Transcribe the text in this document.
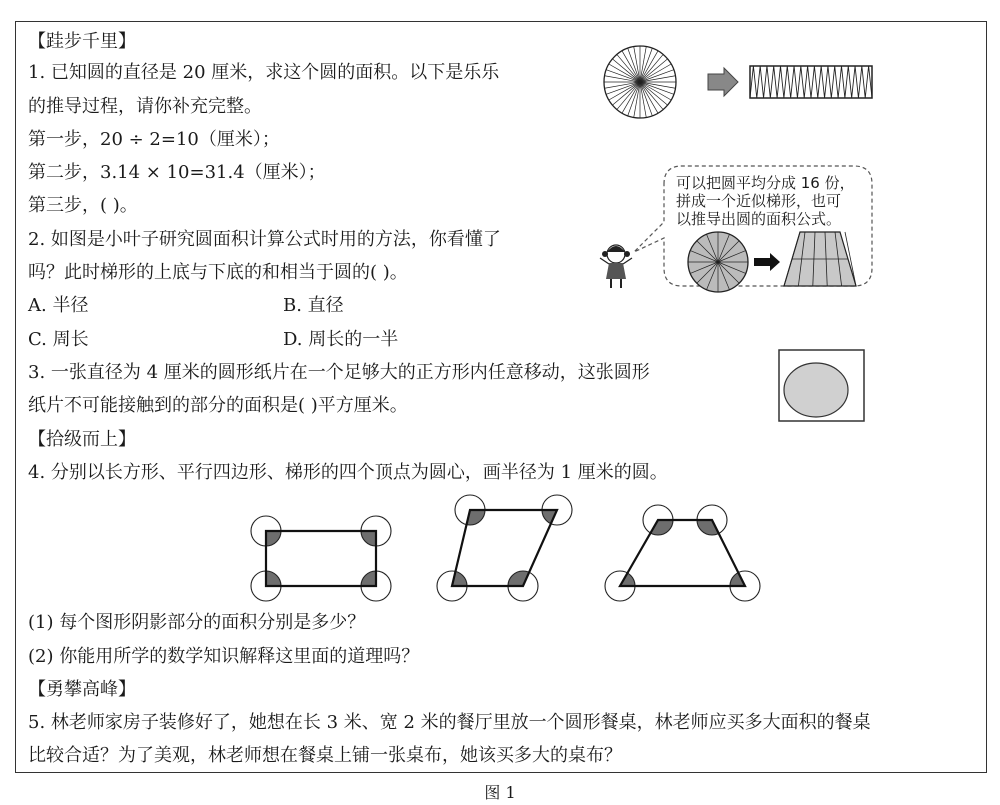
【跬步千里】
1. 已知圆的直径是 20 厘米，求这个圆的面积。以下是乐乐
的推导过程，请你补充完整。
第一步，20 ÷ 2=10（厘米）；
第二步，3.14 × 10=31.4（厘米）；
第三步，( )。
2. 如图是小叶子研究圆面积计算公式时用的方法，你看懂了
吗？此时梯形的上底与下底的和相当于圆的( )。
A. 半径	B. 直径
C. 周长	D. 周长的一半
3. 一张直径为 4 厘米的圆形纸片在一个足够大的正方形内任意移动，这张圆形
纸片不可能接触到的部分的面积是( )平方厘米。
【拾级而上】
4. 分别以长方形、平行四边形、梯形的四个顶点为圆心，画半径为 1 厘米的圆。
(1) 每个图形阴影部分的面积分别是多少？
(2) 你能用所学的数学知识解释这里面的道理吗？
【勇攀高峰】
5. 林老师家房子装修好了，她想在长 3 米、宽 2 米的餐厅里放一个圆形餐桌，林老师应买多大面积的餐桌
比较合适？为了美观，林老师想在餐桌上铺一张桌布，她该买多大的桌布？
图 1
可以把圆平均分成 16 份，
拼成一个近似梯形，也可
以推导出圆的面积公式。
